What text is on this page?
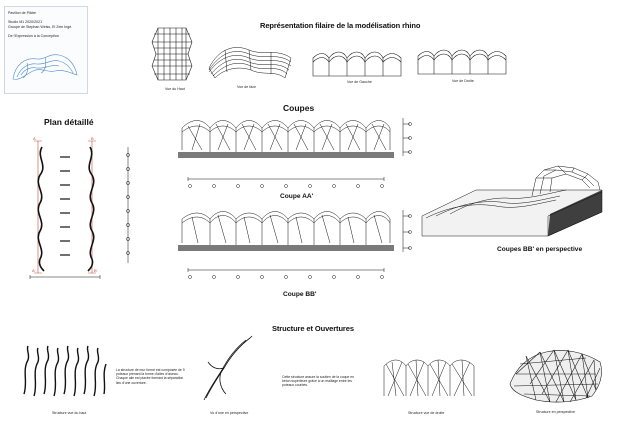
Pavillon de Plâtre
Studio M1 2020/2021
Groupe de Stephan Weiss, El Zein Ingé.
De l'Expression à la Conception
Représentation filaire de la modélisation rhino
Vue du Haut	Vue de face
Vue de Gauche	Vue de Droite
Plan détaillé
A	B
A'	B'
Coupes
Coupe AA'
Coupe BB'
Coupes BB' en perspective
Structure et Ouvertures
Structure vue du haut
La structure de mur formé est composée de 9 poteaux prenant la forme d'ailes d'oiseau. Chaque aile est placée formant la séparation lieu d'une ouverture.
Vu d'une en perspective
Cette structure assure la soutien de la coque en béton supérieure grâce à un maillage entre les poteaux courbés.
Structure vue de droite	Structure en perspective
